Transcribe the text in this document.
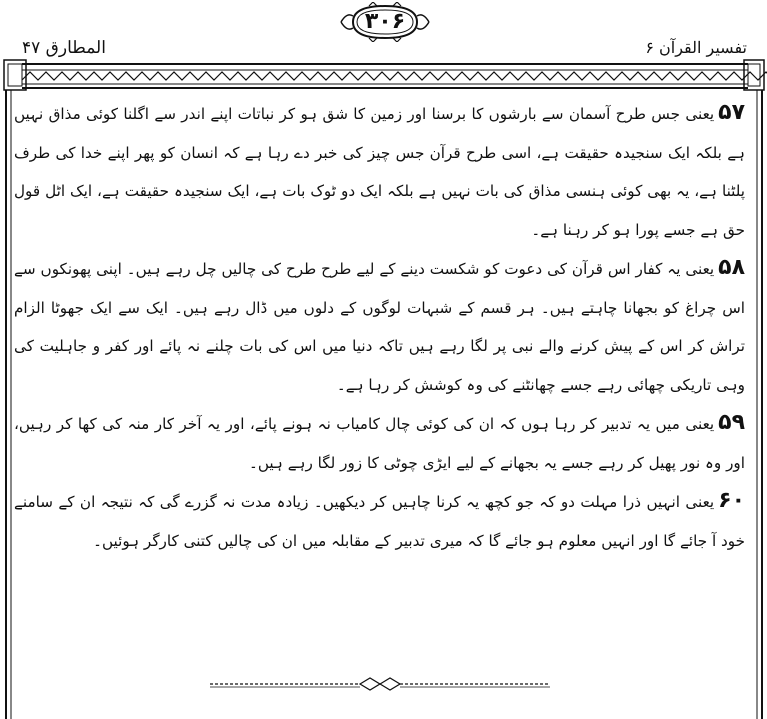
المطارق ۴۷	تفسیر القرآن ۶
۳۰۶

۵۷یعنی جس طرح آسمان سے بارشوں کا برسنا اور زمین کا شق ہو کر نباتات اپنے اندر سے اگلنا کوئی مذاق نہیں ہے بلکہ ایک سنجیدہ حقیقت ہے، اسی طرح قرآن جس چیز کی خبر دے رہا ہے کہ انسان کو پھر اپنے خدا کی طرف پلٹنا ہے، یہ بھی کوئی ہنسی مذاق کی بات نہیں ہے بلکہ ایک دو ٹوک بات ہے، ایک سنجیدہ حقیقت ہے، ایک اٹل قول حق ہے جسے پورا ہو کر رہنا ہے۔

۵۸یعنی یہ کفار اس قرآن کی دعوت کو شکست دینے کے لیے طرح طرح کی چالیں چل رہے ہیں۔ اپنی پھونکوں سے اس چراغ کو بجھانا چاہتے ہیں۔ ہر قسم کے شبہات لوگوں کے دلوں میں ڈال رہے ہیں۔ ایک سے ایک جھوٹا الزام تراش کر اس کے پیش کرنے والے نبی پر لگا رہے ہیں تاکہ دنیا میں اس کی بات چلنے نہ پائے اور کفر و جاہلیت کی وہی تاریکی چھائی رہے جسے چھانٹنے کی وہ کوشش کر رہا ہے۔

۵۹یعنی میں یہ تدبیر کر رہا ہوں کہ ان کی کوئی چال کامیاب نہ ہونے پائے، اور یہ آخر کار منہ کی کھا کر رہیں، اور وہ نور پھیل کر رہے جسے یہ بجھانے کے لیے ایڑی چوٹی کا زور لگا رہے ہیں۔

۶۰یعنی انہیں ذرا مہلت دو کہ جو کچھ یہ کرنا چاہیں کر دیکھیں۔ زیادہ مدت نہ گزرے گی کہ نتیجہ ان کے سامنے خود آ جائے گا اور انہیں معلوم ہو جائے گا کہ میری تدبیر کے مقابلہ میں ان کی چالیں کتنی کارگر ہوئیں۔
